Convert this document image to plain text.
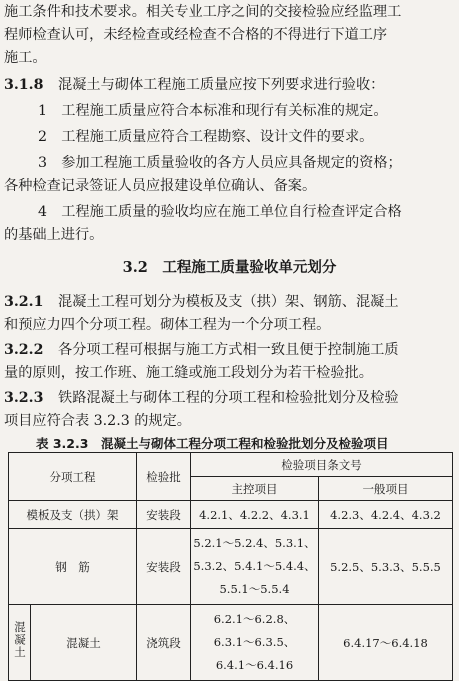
施工条件和技术要求。相关专业工序之间的交接检验应经监理工
程师检查认可，未经检查或经检查不合格的不得进行下道工序
施工。
3.1.8 混凝土与砌体工程施工质量应按下列要求进行验收：
1　工程施工质量应符合本标准和现行有关标准的规定。
2　工程施工质量应符合工程勘察、设计文件的要求。
3　参加工程施工质量验收的各方人员应具备规定的资格；
各种检查记录签证人员应报建设单位确认、备案。
4　工程施工质量的验收均应在施工单位自行检查评定合格
的基础上进行。
3.2　工程施工质量验收单元划分
3.2.1 混凝土工程可划分为模板及支（拱）架、钢筋、混凝土
和预应力四个分项工程。砌体工程为一个分项工程。
3.2.2 各分项工程可根据与施工方式相一致且便于控制施工质
量的原则，按工作班、施工缝或施工段划分为若干检验批。
3.2.3 铁路混凝土与砌体工程的分项工程和检验批划分及检验
项目应符合表 3.2.3 的规定。
表 3.2.3　混凝土与砌体工程分项工程和检验批划分及检验项目
分项工程		检验批	检验项目条文号	
			主控项目	一般项目
模板及支（拱）架		安装段	4.2.1、4.2.2、4.3.1	4.2.3、4.2.4、4.3.2
钢　筋		安装段	5.2.1～5.2.4、5.3.1、
5.3.2、5.4.1～5.4.4、
5.5.1～5.5.4	5.2.5、5.3.3、5.5.5
混凝土	混凝土	浇筑段	6.2.1～6.2.8、
6.3.1～6.3.5、
6.4.1～6.4.16	6.4.17～6.4.18
